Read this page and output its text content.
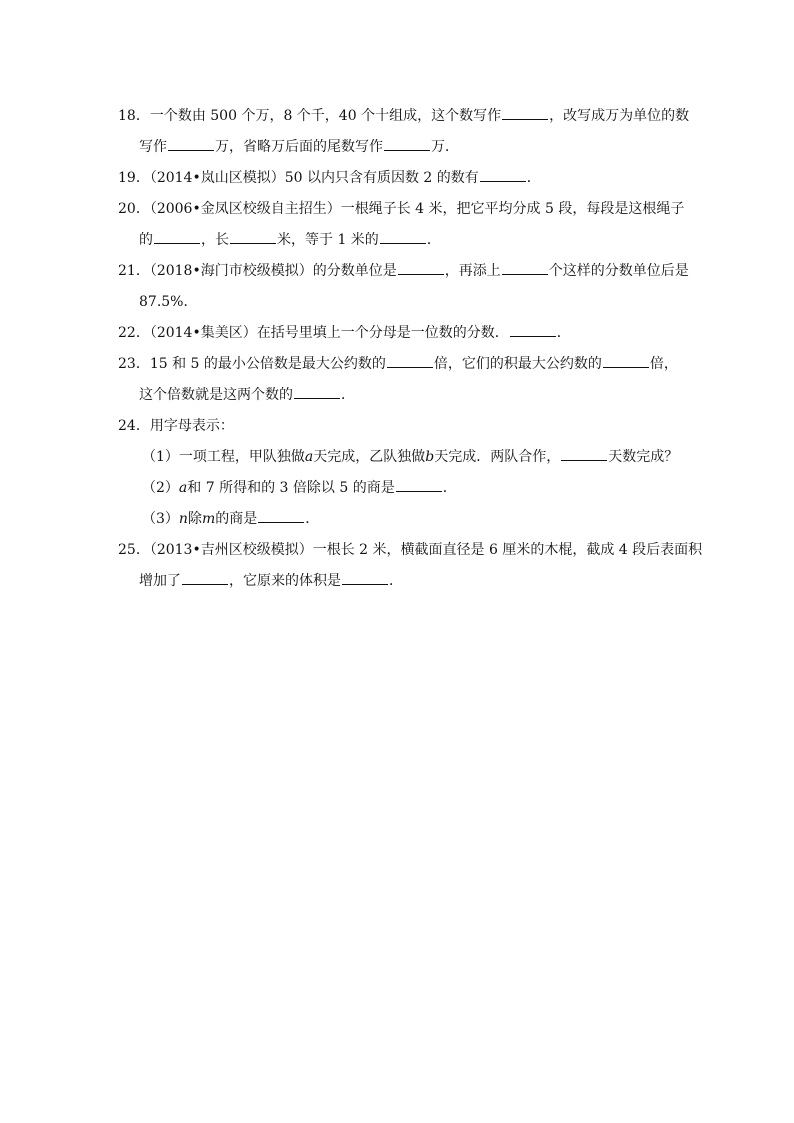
18．一个数由 500 个万，8 个千，40 个十组成，这个数写作	，改写成万为单位的数
写作	万，省略万后面的尾数写作	万．
19．（2014•岚山区模拟）50 以内只含有质因数 2 的数有	．
20．（2006•金凤区校级自主招生）一根绳子长 4 米，把它平均分成 5 段，每段是这根绳子
的	，长	米，等于 1 米的	．
21．（2018•海门市校级模拟）的分数单位是	，再添上	个这样的分数单位后是
87.5%．
22．（2014•集美区）在括号里填上一个分母是一位数的分数．	．
23．15 和 5 的最小公倍数是最大公约数的	倍，它们的积最大公约数的	倍，
这个倍数就是这两个数的	．
24．用字母表示：
（1）一项工程，甲队独做a天完成，乙队独做b天完成．两队合作，	天数完成？
（2）a和 7 所得和的 3 倍除以 5 的商是	．
（3）n除m的商是	．
25．（2013•吉州区校级模拟）一根长 2 米，横截面直径是 6 厘米的木棍，截成 4 段后表面积
增加了	，它原来的体积是	．
